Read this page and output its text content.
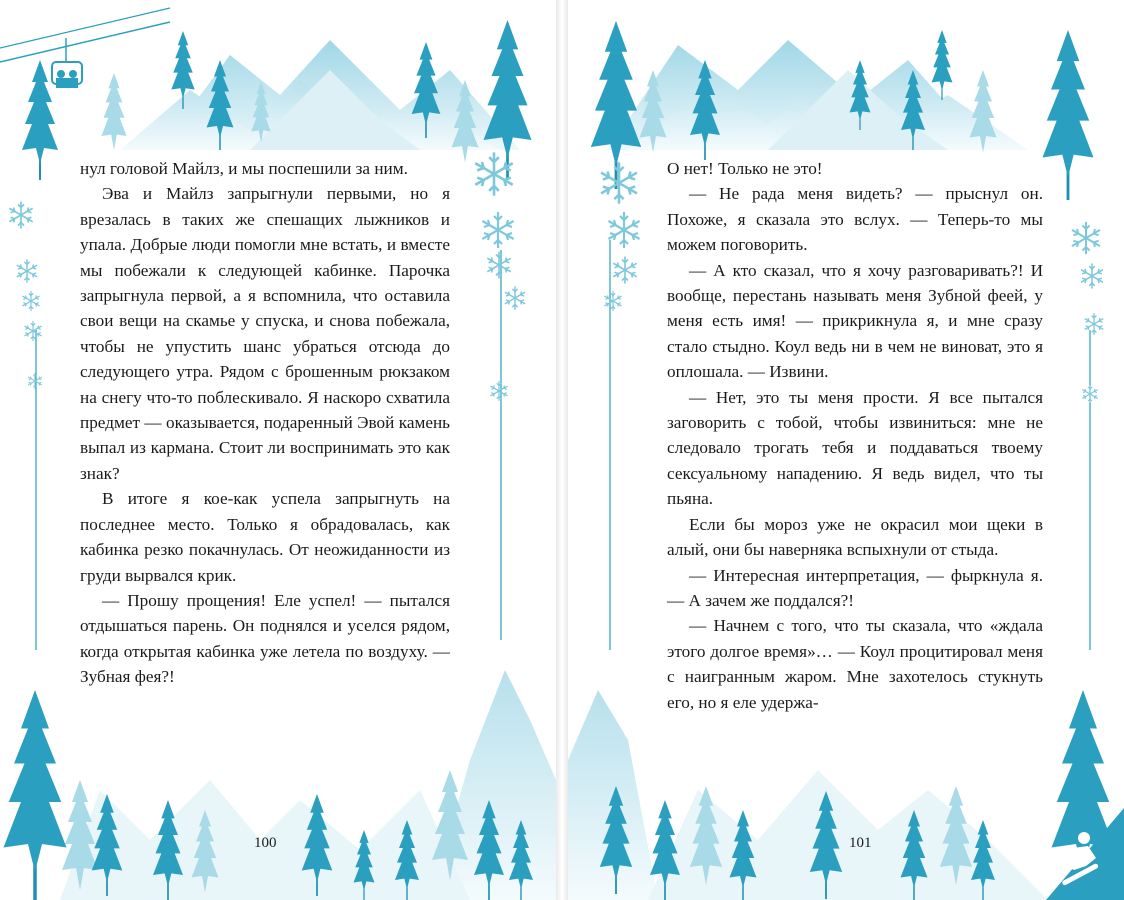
нул головой Майлз, и мы поспешили за ним.

Эва и Майлз запрыгнули первыми, но я врезалась в таких же спешащих лыжников и упала. Добрые люди помогли мне встать, и вместе мы побежали к следующей кабинке. Парочка запрыгнула первой, а я вспомнила, что оставила свои вещи на скамье у спуска, и снова побежала, чтобы не упустить шанс убраться отсюда до следующего утра. Рядом с брошенным рюкзаком на снегу что-то поблескивало. Я наскоро схватила предмет — оказывается, подаренный Эвой камень выпал из кармана. Стоит ли воспринимать это как знак?

В итоге я кое-как успела запрыгнуть на последнее место. Только я обрадовалась, как кабинка резко покачнулась. От неожиданности из груди вырвался крик.

— Прошу прощения! Еле успел! — пытался отдышаться парень. Он поднялся и уселся рядом, когда открытая кабинка уже летела по воздуху. — Зубная фея?!

100

О нет! Только не это!

— Не рада меня видеть? — прыснул он. Похоже, я сказала это вслух. — Теперь-то мы можем поговорить.

— А кто сказал, что я хочу разговаривать?! И вообще, перестань называть меня Зубной феей, у меня есть имя! — прикрикнула я, и мне сразу стало стыдно. Коул ведь ни в чем не виноват, это я оплошала. — Извини.

— Нет, это ты меня прости. Я все пытался заговорить с тобой, чтобы извиниться: мне не следовало трогать тебя и поддаваться твоему сексуальному нападению. Я ведь видел, что ты пьяна.

Если бы мороз уже не окрасил мои щеки в алый, они бы наверняка вспыхнули от стыда.

— Интересная интерпретация, — фыркнула я. — А зачем же поддался?!

— Начнем с того, что ты сказала, что «ждала этого долгое время»… — Коул процитировал меня с наигранным жаром. Мне захотелось стукнуть его, но я еле удержа-

101
